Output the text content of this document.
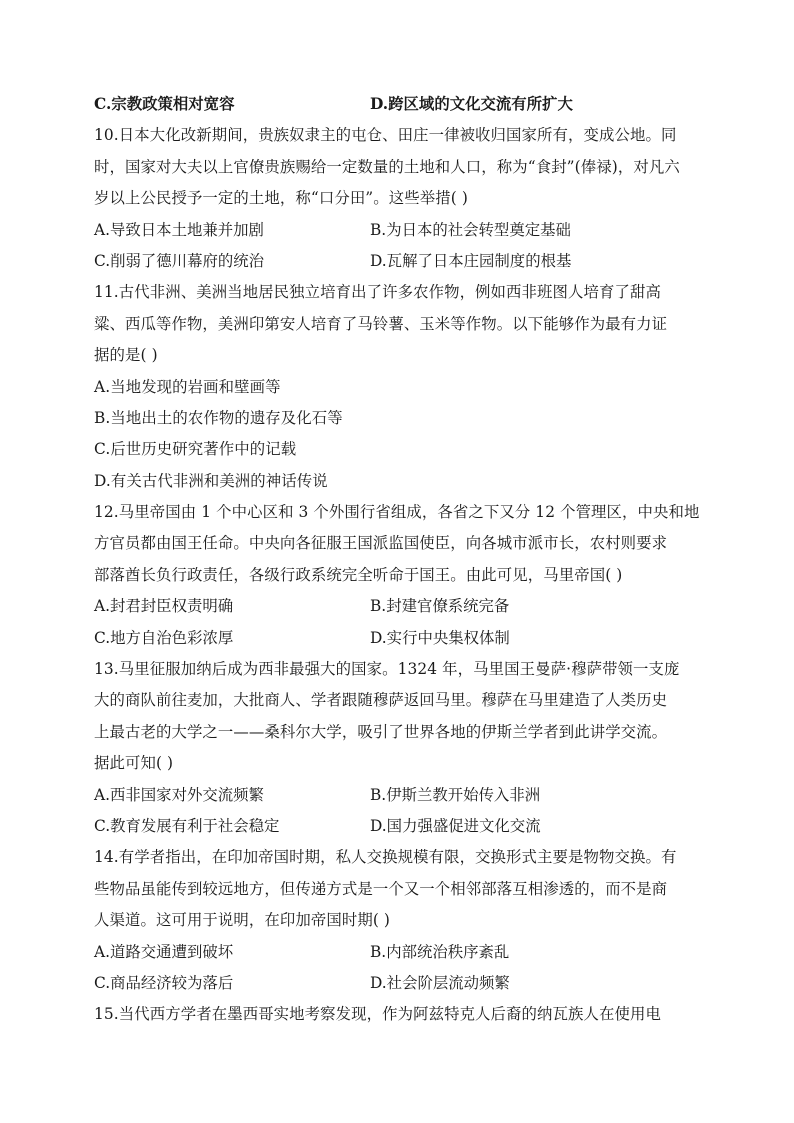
C.宗教政策相对宽容	D.跨区域的文化交流有所扩大
10.日本大化改新期间，贵族奴隶主的屯仓、田庄一律被收归国家所有，变成公地。同
时，国家对大夫以上官僚贵族赐给一定数量的土地和人口，称为“食封”(俸禄)，对凡六
岁以上公民授予一定的土地，称“口分田”。这些举措( )
A.导致日本土地兼并加剧	B.为日本的社会转型奠定基础
C.削弱了德川幕府的统治	D.瓦解了日本庄园制度的根基
11.古代非洲、美洲当地居民独立培育出了许多农作物，例如西非班图人培育了甜高
粱、西瓜等作物，美洲印第安人培育了马铃薯、玉米等作物。以下能够作为最有力证
据的是( )
A.当地发现的岩画和壁画等
B.当地出土的农作物的遗存及化石等
C.后世历史研究著作中的记载
D.有关古代非洲和美洲的神话传说
12.马里帝国由 1 个中心区和 3 个外围行省组成，各省之下又分 12 个管理区，中央和地
方官员都由国王任命。中央向各征服王国派监国使臣，向各城市派市长，农村则要求
部落酋长负行政责任，各级行政系统完全听命于国王。由此可见，马里帝国( )
A.封君封臣权责明确	B.封建官僚系统完备
C.地方自治色彩浓厚	D.实行中央集权体制
13.马里征服加纳后成为西非最强大的国家。1324 年，马里国王曼萨·穆萨带领一支庞
大的商队前往麦加，大批商人、学者跟随穆萨返回马里。穆萨在马里建造了人类历史
上最古老的大学之一——桑科尔大学，吸引了世界各地的伊斯兰学者到此讲学交流。
据此可知( )
A.西非国家对外交流频繁	B.伊斯兰教开始传入非洲
C.教育发展有利于社会稳定	D.国力强盛促进文化交流
14.有学者指出，在印加帝国时期，私人交换规模有限，交换形式主要是物物交换。有
些物品虽能传到较远地方，但传递方式是一个又一个相邻部落互相渗透的，而不是商
人渠道。这可用于说明，在印加帝国时期( )
A.道路交通遭到破坏	B.内部统治秩序紊乱
C.商品经济较为落后	D.社会阶层流动频繁
15.当代西方学者在墨西哥实地考察发现，作为阿兹特克人后裔的纳瓦族人在使用电
